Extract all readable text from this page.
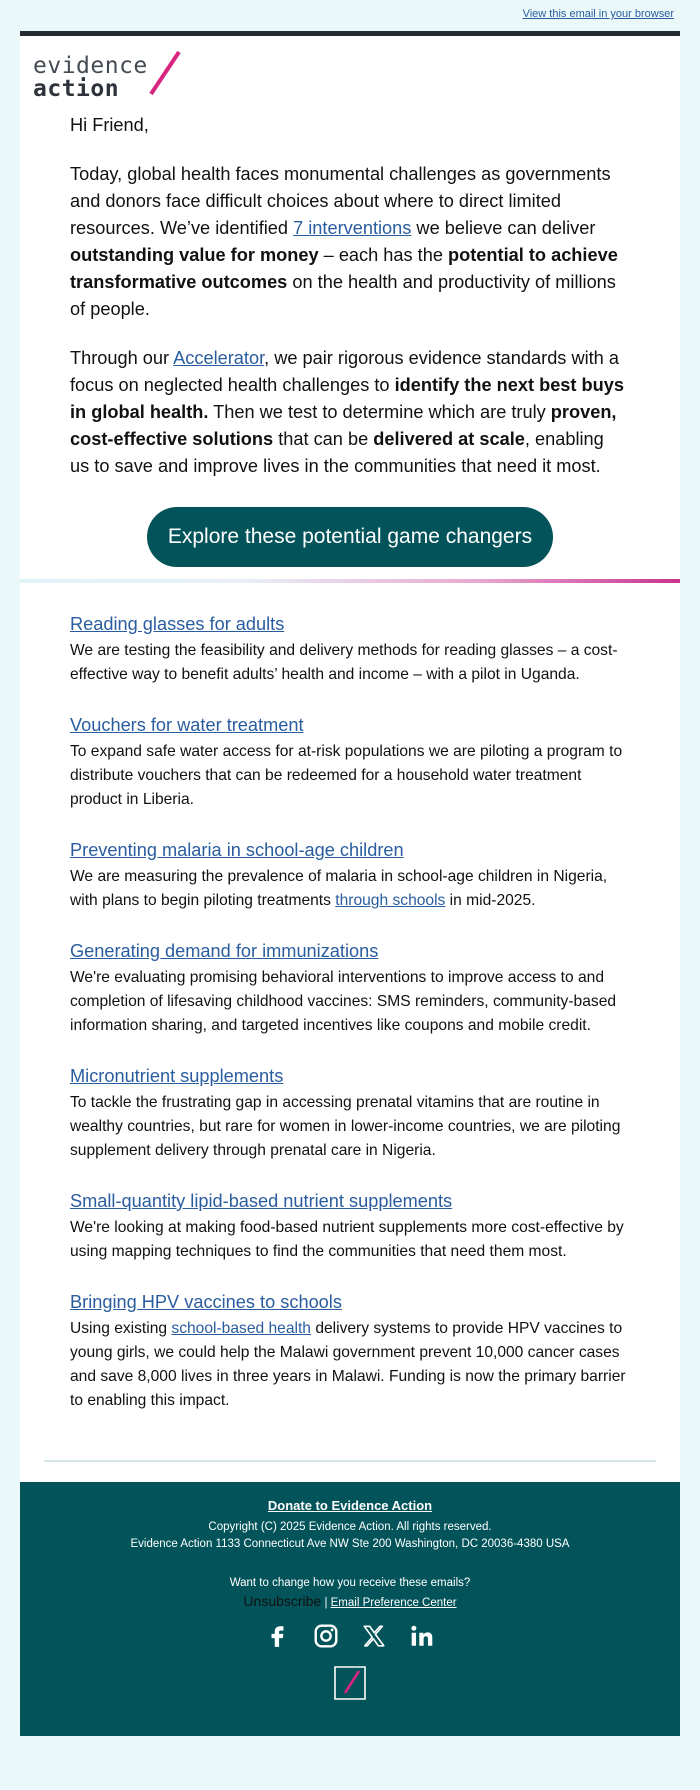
View this email in your browser
evidence
action

Hi Friend,

Today, global health faces monumental challenges as governments and donors face difficult choices about where to direct limited resources. We’ve identified 7 interventions we believe can deliver outstanding value for money – each has the potential to achieve transformative outcomes on the health and productivity of millions of people.

Through our Accelerator, we pair rigorous evidence standards with a focus on neglected health challenges to identify the next best buys in global health. Then we test to determine which are truly proven, cost-effective solutions that can be delivered at scale, enabling us to save and improve lives in the communities that need it most.

Explore these potential game changers
Reading glasses for adults

We are testing the feasibility and delivery methods for reading glasses – a cost-effective way to benefit adults’ health and income – with a pilot in Uganda.

Vouchers for water treatment

To expand safe water access for at-risk populations we are piloting a program to distribute vouchers that can be redeemed for a household water treatment product in Liberia.

Preventing malaria in school-age children

We are measuring the prevalence of malaria in school-age children in Nigeria, with plans to begin piloting treatments through schools in mid-2025.

Generating demand for immunizations

We're evaluating promising behavioral interventions to improve access to and completion of lifesaving childhood vaccines: SMS reminders, community-based information sharing, and targeted incentives like coupons and mobile credit.

Micronutrient supplements

To tackle the frustrating gap in accessing prenatal vitamins that are routine in wealthy countries, but rare for women in lower-income countries, we are piloting supplement delivery through prenatal care in Nigeria.

Small-quantity lipid-based nutrient supplements

We're looking at making food-based nutrient supplements more cost-effective by using mapping techniques to find the communities that need them most.

Bringing HPV vaccines to schools

Using existing school-based health delivery systems to provide HPV vaccines to young girls, we could help the Malawi government prevent 10,000 cancer cases and save 8,000 lives in three years in Malawi. Funding is now the primary barrier to enabling this impact.

Donate to Evidence Action
Copyright (C) 2025 Evidence Action. All rights reserved.
Evidence Action 1133 Connecticut Ave NW Ste 200 Washington, DC 20036-4380 USA
Want to change how you receive these emails?
Unsubscribe | Email Preference Center
